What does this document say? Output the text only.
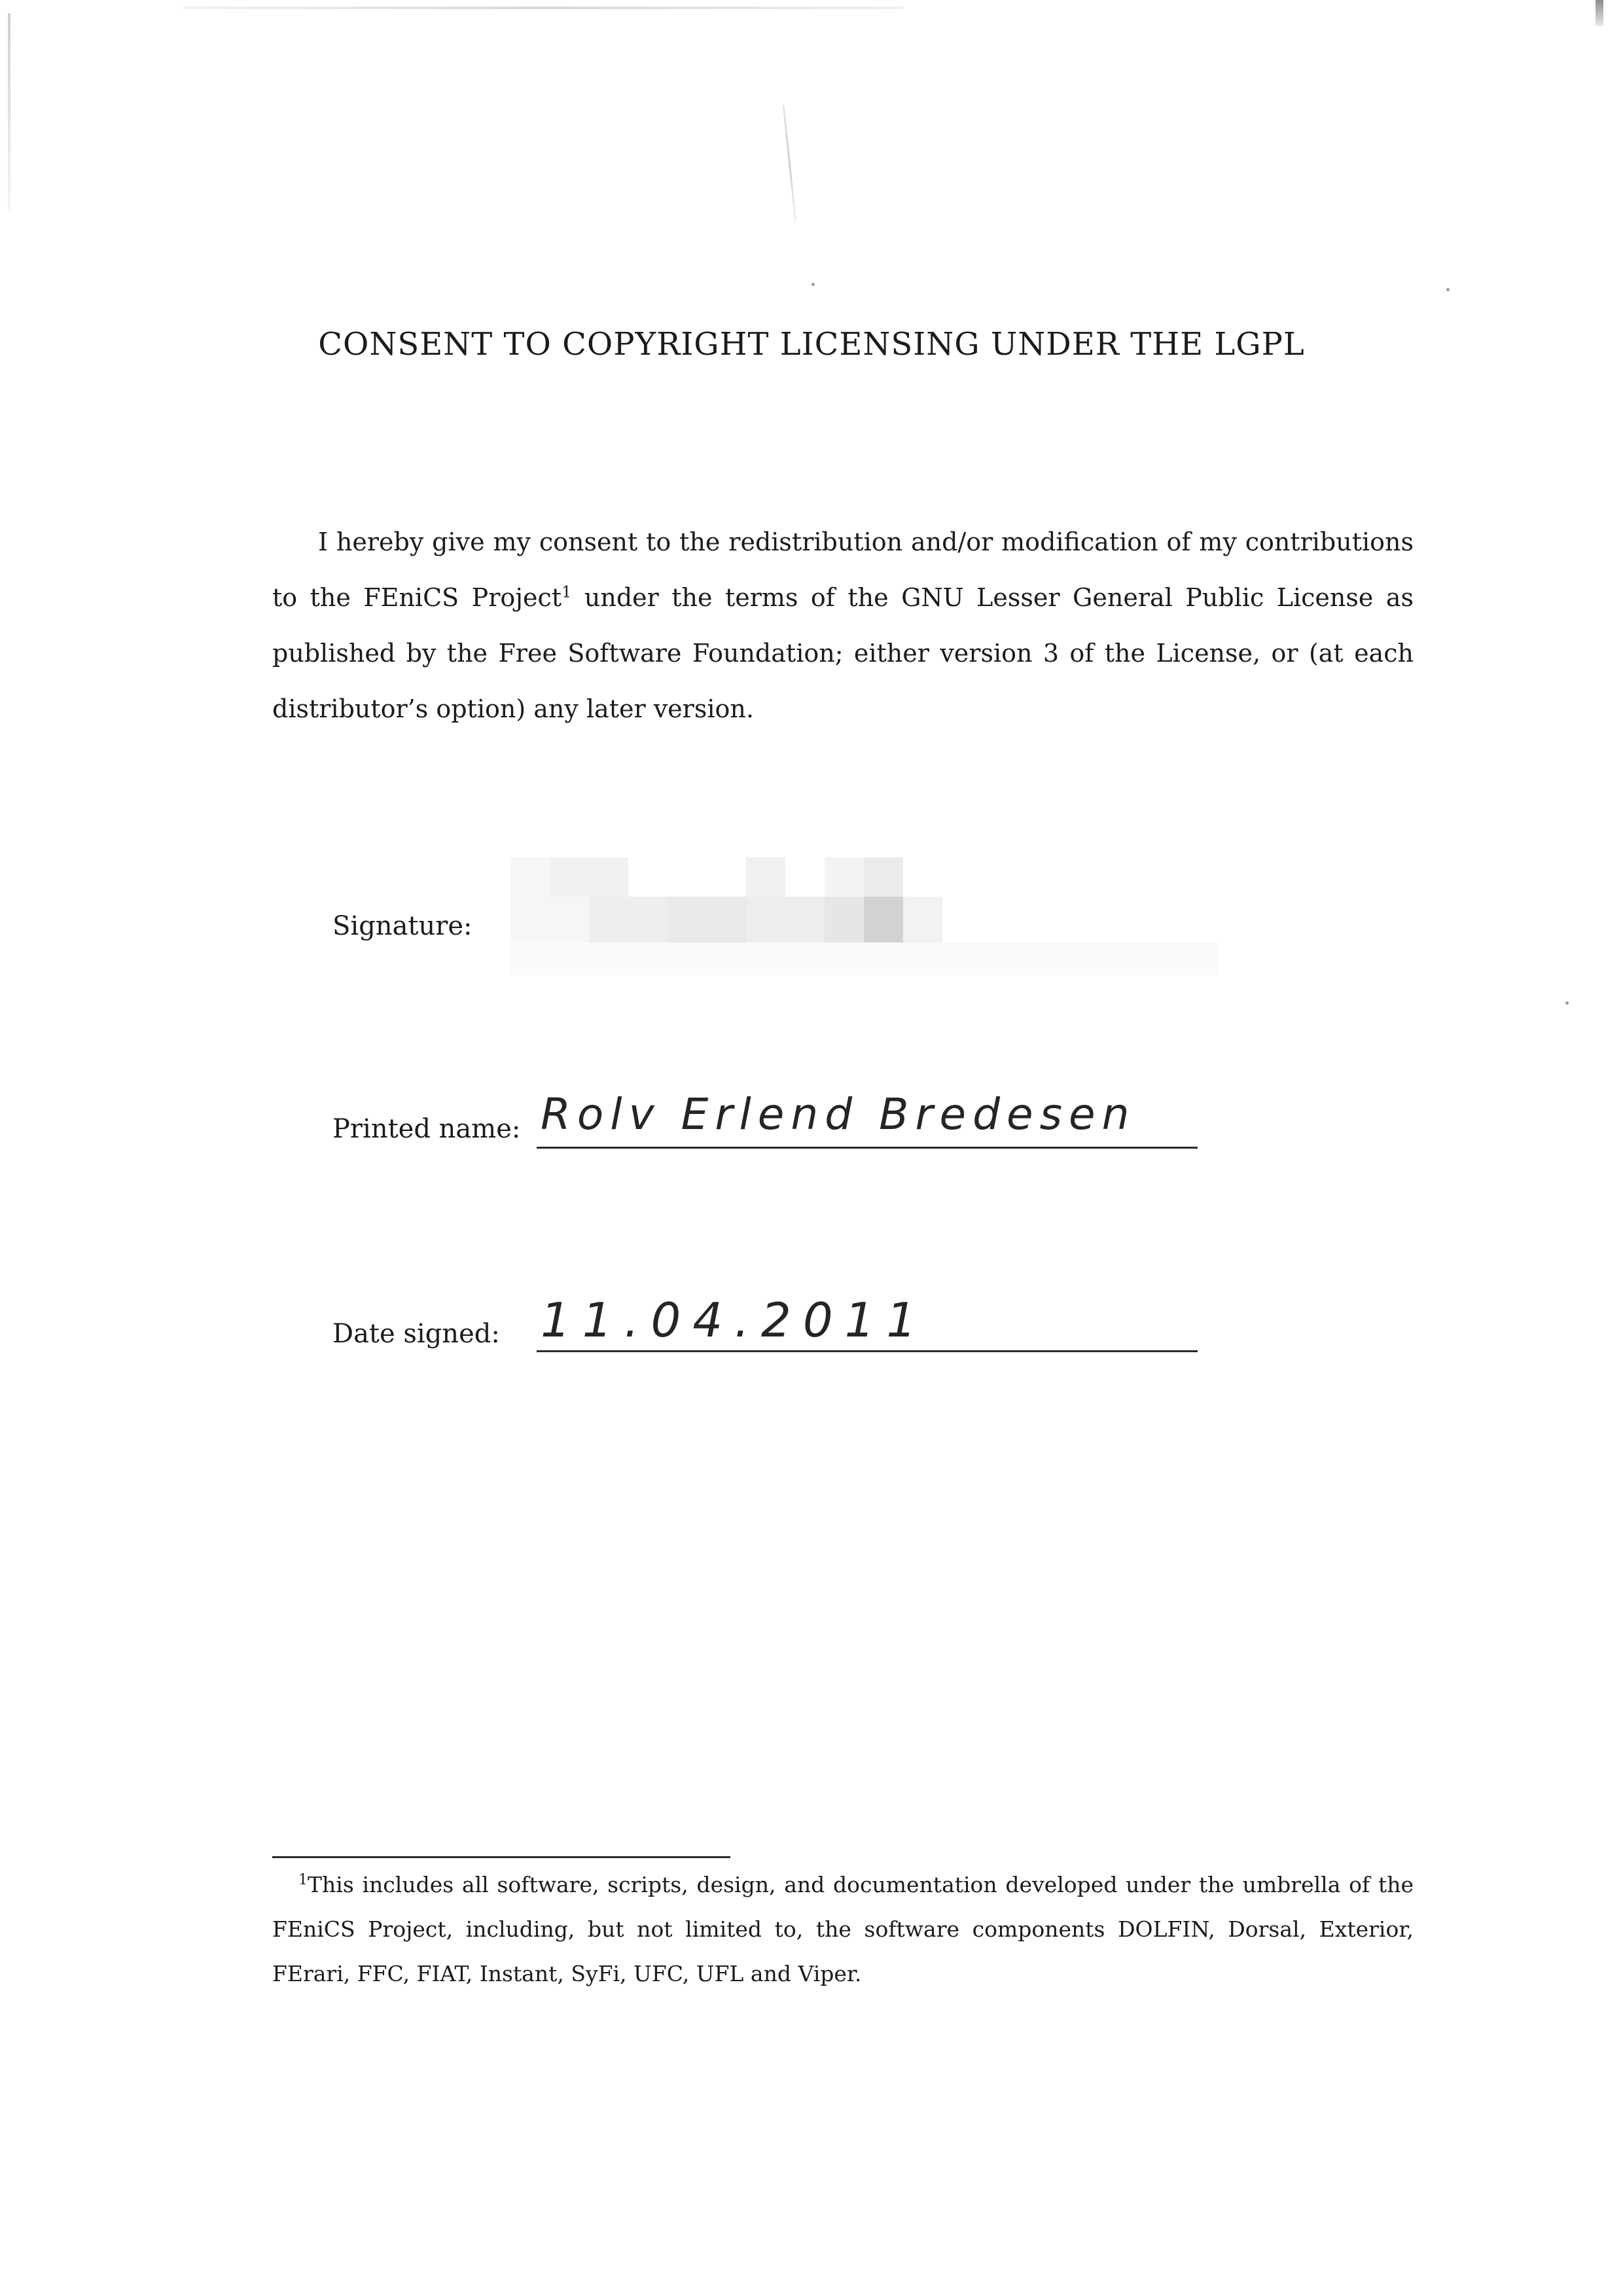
CONSENT TO COPYRIGHT LICENSING UNDER THE LGPL

I hereby give my consent to the redistribution and/or modification of my contributions to the FEniCS Project$^1$ under the terms of the GNU Lesser General Public License as published by the Free Software Foundation; either version 3 of the License, or (at each distributor’s option) any later version.

Signature:
Printed name: Rolv Erlend Bredesen
Date signed: 11.04.2011

$^1$This includes all software, scripts, design, and documentation developed under the umbrella of the FEniCS Project, including, but not limited to, the software components DOLFIN, Dorsal, Exterior, FErari, FFC, FIAT, Instant, SyFi, UFC, UFL and Viper.
